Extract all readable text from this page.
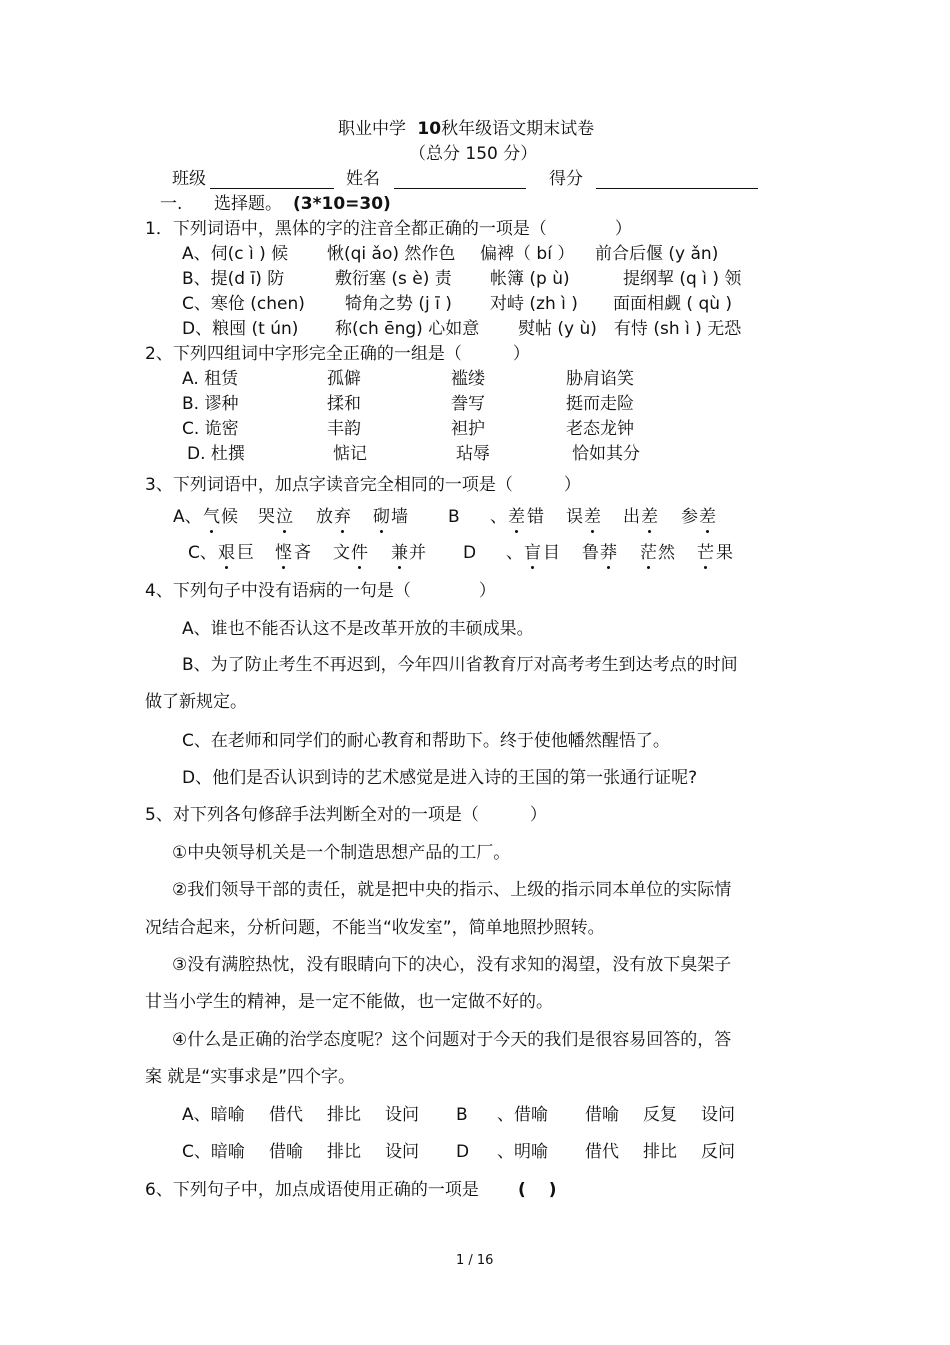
职业中学 10秋年级语文期末试卷
（总分 150 分）
班级	姓名	得分
一. 选择题。 (3*10=30)
1．下列词语中，黑体的字的注音全都正确的一项是（　　　　）
A、伺(c ì ) 候 愀(qi ǎo) 然作色 偏裨（ bí ） 前合后偃 (y ǎn)
B、提(d ī) 防	敷衍塞 (s è) 责 帐簿 (p ù)	提纲挈 (q ì ) 领
C、寒伧 (chen) 犄角之势 (j ī ) 对峙 (zh ì ) 面面相觑 ( qù )
D、粮囤 (t ún) 称(ch ēng) 心如意 熨帖 (y ù) 有恃 (sh ì ) 无恐
2、下列四组词中字形完全正确的一组是（　　　）
A. 租赁	孤僻	褴缕	胁肩谄笑
B. 谬种	揉和	誊写	挺而走险
C. 诡密	丰韵	袒护	老态龙钟
D. 杜撰	惦记	玷辱	恰如其分
3、下列词语中，加点字读音完全相同的一项是（　　　）
A、 气 候 哭 泣 放 弃 砌 墙 B 、 差 错 误 差 出 差 参 差
C、 艰 巨 悭 吝 文 件 兼 并 D 、 盲 目 鲁 莽 茫 然 芒 果
4、下列句子中没有语病的一句是（　　　　）
A、谁也不能否认这不是改革开放的丰硕成果。
B、为了防止考生不再迟到，今年四川省教育厅对高考考生到达考点的时间
做了新规定。
C、在老师和同学们的耐心教育和帮助下。终于使他幡然醒悟了。
D、他们是否认识到诗的艺术感觉是进入诗的王国的第一张通行证呢?
5、对下列各句修辞手法判断全对的一项是（　　　）
①中央领导机关是一个制造思想产品的工厂。
②我们领导干部的责任，就是把中央的指示、上级的指示同本单位的实际情
况结合起来，分析问题，不能当“收发室”，简单地照抄照转。
③没有满腔热忱，没有眼睛向下的决心，没有求知的渴望，没有放下臭架子
甘当小学生的精神，是一定不能做，也一定做不好的。
④什么是正确的治学态度呢？这个问题对于今天的我们是很容易回答的，答
案 就是“实事求是”四个字。
A、暗喻 借代 排比 设问 B 、借喻 借喻 反复 设问
C、暗喻 借喻 排比 设问 D 、明喻 借代 排比 反问
6、下列句子中，加点成语使用正确的一项是 (　 )
1 / 16
